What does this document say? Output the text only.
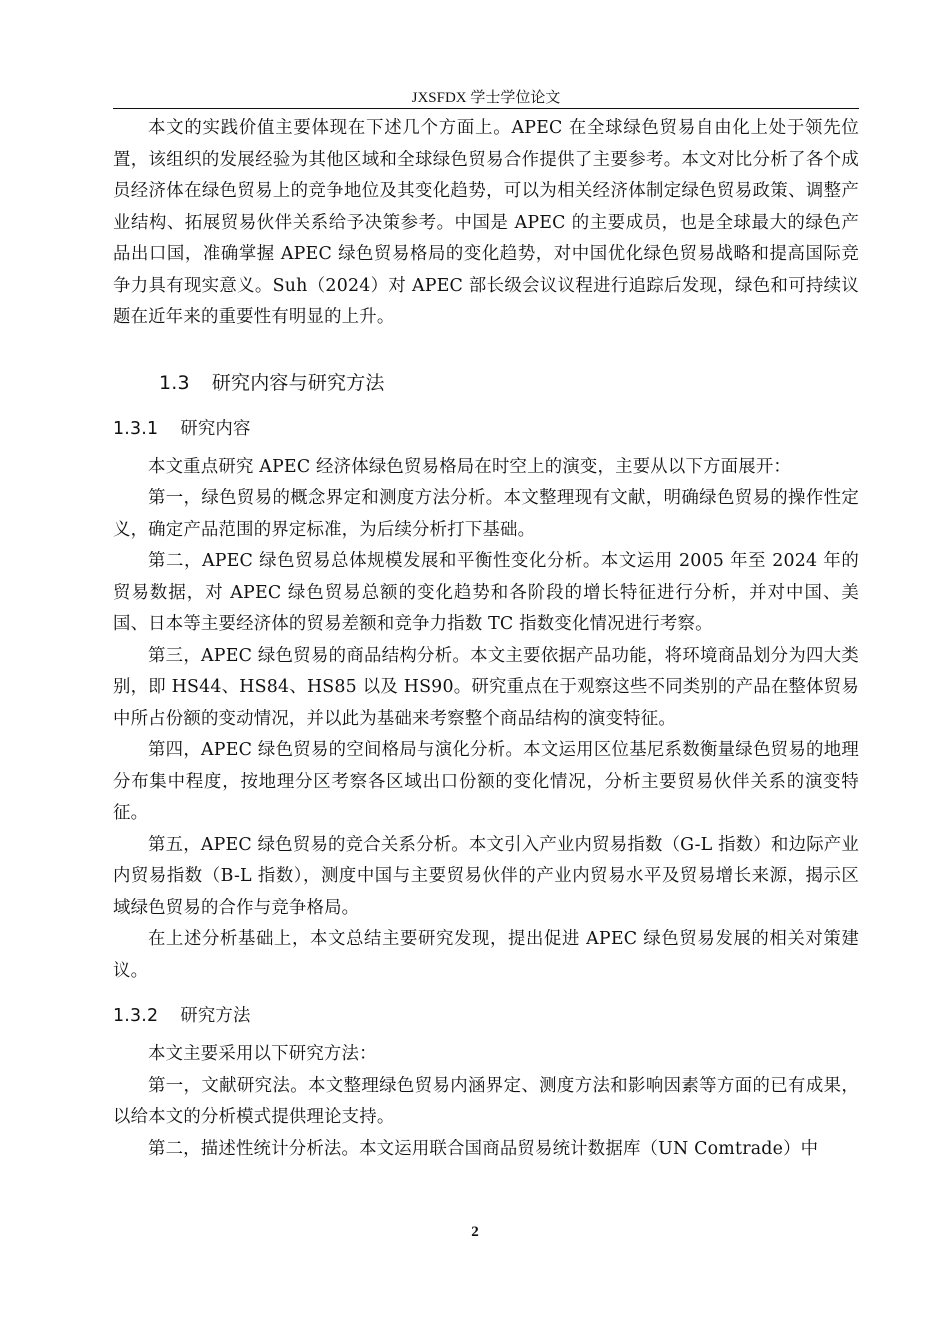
JXSFDX 学士学位论文

本文的实践价值主要体现在下述几个方面上。APEC 在全球绿色贸易自由化上处于领先位置，该组织的发展经验为其他区域和全球绿色贸易合作提供了主要参考。本文对比分析了各个成员经济体在绿色贸易上的竞争地位及其变化趋势，可以为相关经济体制定绿色贸易政策、调整产业结构、拓展贸易伙伴关系给予决策参考。中国是 APEC 的主要成员，也是全球最大的绿色产品出口国，准确掌握 APEC 绿色贸易格局的变化趋势，对中国优化绿色贸易战略和提高国际竞争力具有现实意义。Suh（2024）对 APEC 部长级会议议程进行追踪后发现，绿色和可持续议题在近年来的重要性有明显的上升。

1.3 研究内容与研究方法
1.3.1 研究内容

本文重点研究 APEC 经济体绿色贸易格局在时空上的演变，主要从以下方面展开：

第一，绿色贸易的概念界定和测度方法分析。本文整理现有文献，明确绿色贸易的操作性定义，确定产品范围的界定标准，为后续分析打下基础。

第二，APEC 绿色贸易总体规模发展和平衡性变化分析。本文运用 2005 年至 2024 年的贸易数据，对 APEC 绿色贸易总额的变化趋势和各阶段的增长特征进行分析，并对中国、美国、日本等主要经济体的贸易差额和竞争力指数 TC 指数变化情况进行考察。

第三，APEC 绿色贸易的商品结构分析。本文主要依据产品功能，将环境商品划分为四大类别，即 HS44、HS84、HS85 以及 HS90。研究重点在于观察这些不同类别的产品在整体贸易中所占份额的变动情况，并以此为基础来考察整个商品结构的演变特征。

第四，APEC 绿色贸易的空间格局与演化分析。本文运用区位基尼系数衡量绿色贸易的地理分布集中程度，按地理分区考察各区域出口份额的变化情况，分析主要贸易伙伴关系的演变特征。

第五，APEC 绿色贸易的竞合关系分析。本文引入产业内贸易指数（G-L 指数）和边际产业内贸易指数（B-L 指数），测度中国与主要贸易伙伴的产业内贸易水平及贸易增长来源，揭示区域绿色贸易的合作与竞争格局。

在上述分析基础上，本文总结主要研究发现，提出促进 APEC 绿色贸易发展的相关对策建议。

1.3.2 研究方法

本文主要采用以下研究方法：

第一，文献研究法。本文整理绿色贸易内涵界定、测度方法和影响因素等方面的已有成果，以给本文的分析模式提供理论支持。

第二，描述性统计分析法。本文运用联合国商品贸易统计数据库（UN Comtrade）中

2
